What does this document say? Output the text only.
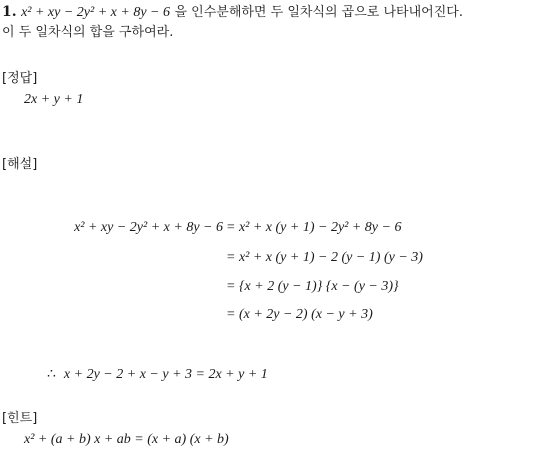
1. x² + xy − 2y² + x + 8y − 6 을 인수분해하면 두 일차식의 곱으로 나타내어진다.
이 두 일차식의 합을 구하여라.
[정답]
2x + y + 1
[해설]
x² + xy − 2y² + x + 8y − 6 = x² + x (y + 1) − 2y² + 8y − 6
= x² + x (y + 1) − 2 (y − 1) (y − 3)
= {x + 2 (y − 1)} {x − (y − 3)}
= (x + 2y − 2) (x − y + 3)
∴ x + 2y − 2 + x − y + 3 = 2x + y + 1
[힌트]
x² + (a + b) x + ab = (x + a) (x + b)
